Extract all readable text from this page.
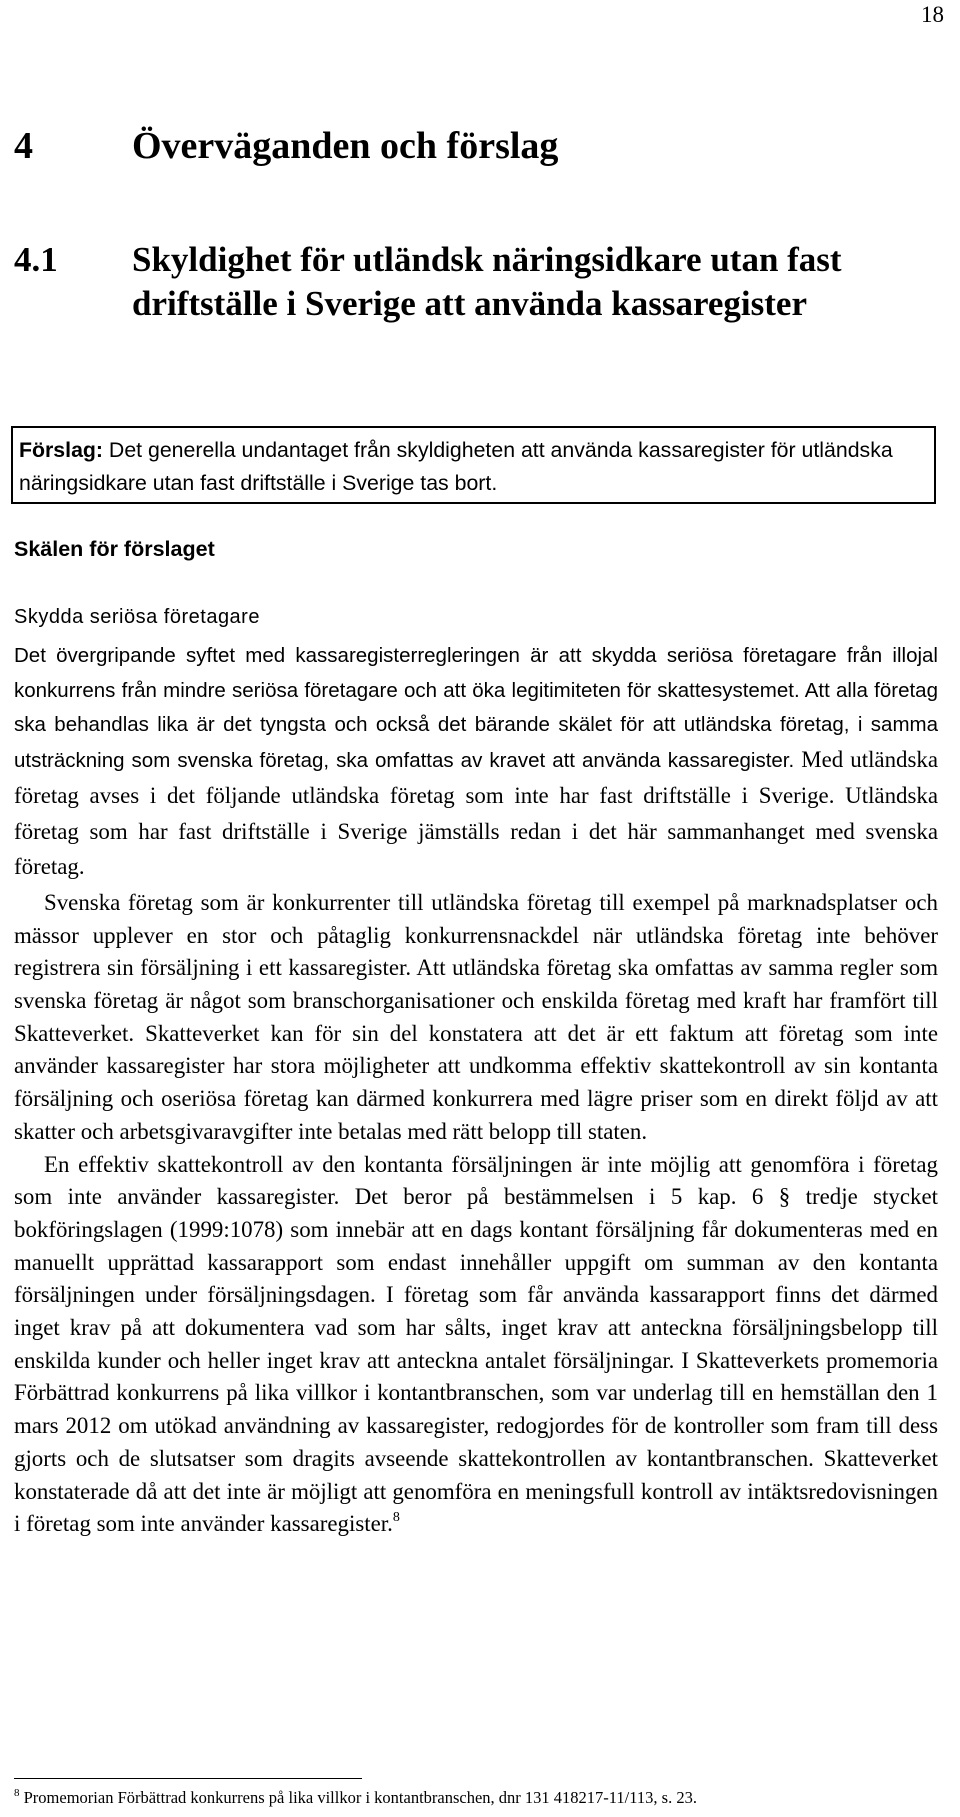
18
4	Överväganden och förslag
4.1	Skyldighet för utländsk näringsidkare utan fast driftställe i Sverige att använda kassaregister
Förslag: Det generella undantaget från skyldigheten att använda kassaregister för utländska näringsidkare utan fast driftställe i Sverige tas bort.
Skälen för förslaget
Skydda seriösa företagare

Det övergripande syftet med kassaregisterregleringen är att skydda seriösa företagare från illojal konkurrens från mindre seriösa företagare och att öka legitimiteten för skattesystemet. Att alla företag ska behandlas lika är det tyngsta och också det bärande skälet för att utländska företag, i samma utsträckning som svenska företag, ska omfattas av kravet att använda kassaregister. Med utländska företag avses i det följande utländska företag som inte har fast driftställe i Sverige. Utländska företag som har fast driftställe i Sverige jämställs redan i det här sammanhanget med svenska företag.

Svenska företag som är konkurrenter till utländska företag till exempel på marknadsplatser och mässor upplever en stor och påtaglig konkurrensnackdel när utländska företag inte behöver registrera sin försäljning i ett kassaregister. Att utländska företag ska omfattas av samma regler som svenska företag är något som branschorganisationer och enskilda företag med kraft har framfört till Skatteverket. Skatteverket kan för sin del konstatera att det är ett faktum att företag som inte använder kassaregister har stora möjligheter att undkomma effektiv skattekontroll av sin kontanta försäljning och oseriösa företag kan därmed konkurrera med lägre priser som en direkt följd av att skatter och arbetsgivaravgifter inte betalas med rätt belopp till staten.

En effektiv skattekontroll av den kontanta försäljningen är inte möjlig att genomföra i företag som inte använder kassaregister. Det beror på bestämmelsen i 5 kap. 6 § tredje stycket bokföringslagen (1999:1078) som innebär att en dags kontant försäljning får dokumenteras med en manuellt upprättad kassarapport som endast innehåller uppgift om summan av den kontanta försäljningen under försäljningsdagen. I företag som får använda kassarapport finns det därmed inget krav på att dokumentera vad som har sålts, inget krav att anteckna försäljningsbelopp till enskilda kunder och heller inget krav att anteckna antalet försäljningar. I Skatteverkets promemoria Förbättrad konkurrens på lika villkor i kontantbranschen, som var underlag till en hemställan den 1 mars 2012 om utökad användning av kassaregister, redogjordes för de kontroller som fram till dess gjorts och de slutsatser som dragits avseende skattekontrollen av kontantbranschen. Skatteverket konstaterade då att det inte är möjligt att genomföra en meningsfull kontroll av intäktsredovisningen i företag som inte använder kassaregister.$^8$

$^8$ Promemorian Förbättrad konkurrens på lika villkor i kontantbranschen, dnr 131 418217-11/113, s. 23.
